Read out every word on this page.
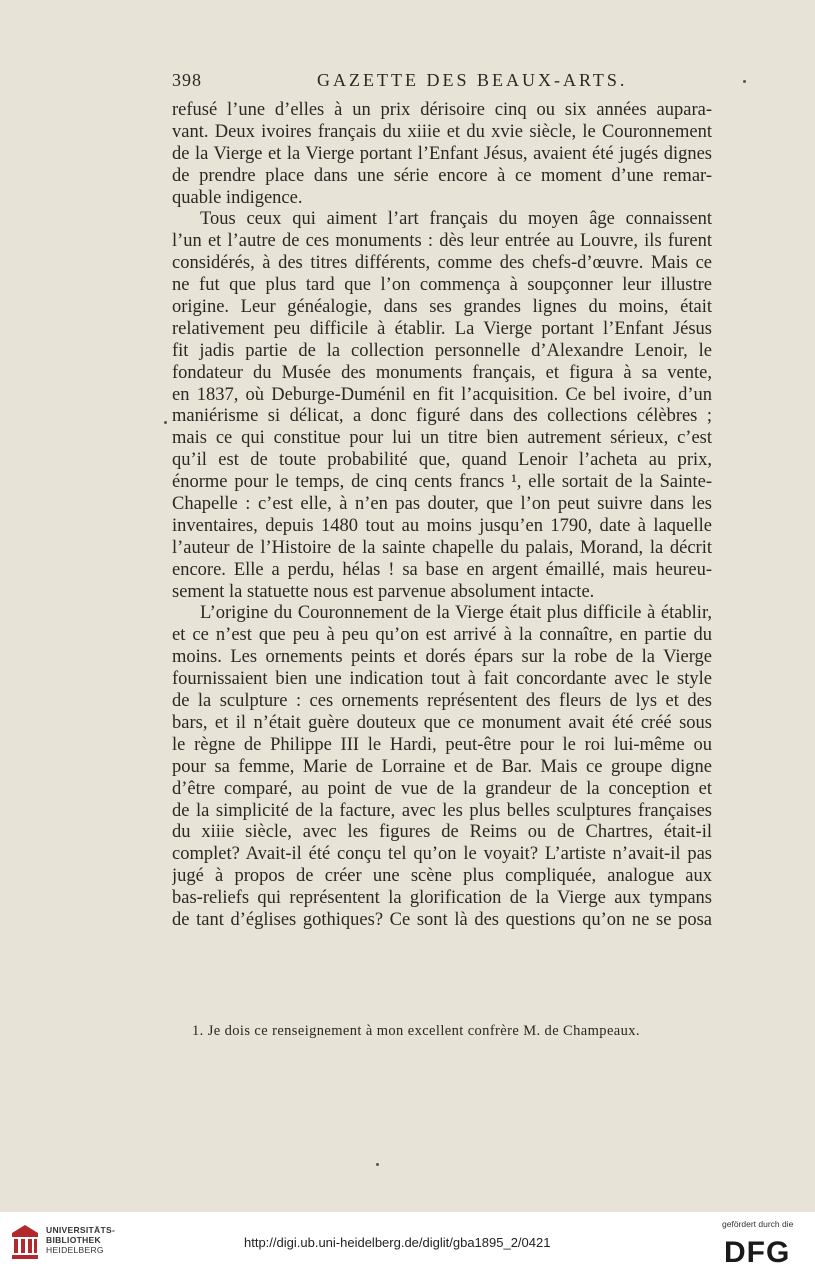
398	GAZETTE DES BEAUX-ARTS.
refusé l’une d’elles à un prix dérisoire cinq ou six années aupara-
vant. Deux ivoires français du xiiie et du xvie siècle, le Couronnement
de la Vierge et la Vierge portant l’Enfant Jésus, avaient été jugés dignes
de prendre place dans une série encore à ce moment d’une remar-
quable indigence.
Tous ceux qui aiment l’art français du moyen âge connaissent
l’un et l’autre de ces monuments : dès leur entrée au Louvre, ils furent
considérés, à des titres différents, comme des chefs-d’œuvre. Mais ce
ne fut que plus tard que l’on commença à soupçonner leur illustre
origine. Leur généalogie, dans ses grandes lignes du moins, était
relativement peu difficile à établir. La Vierge portant l’Enfant Jésus
fit jadis partie de la collection personnelle d’Alexandre Lenoir, le
fondateur du Musée des monuments français, et figura à sa vente,
en 1837, où Deburge-Duménil en fit l’acquisition. Ce bel ivoire, d’un
maniérisme si délicat, a donc figuré dans des collections célèbres ;
mais ce qui constitue pour lui un titre bien autrement sérieux, c’est
qu’il est de toute probabilité que, quand Lenoir l’acheta au prix,
énorme pour le temps, de cinq cents francs ¹, elle sortait de la Sainte-
Chapelle : c’est elle, à n’en pas douter, que l’on peut suivre dans les
inventaires, depuis 1480 tout au moins jusqu’en 1790, date à laquelle
l’auteur de l’Histoire de la sainte chapelle du palais, Morand, la décrit
encore. Elle a perdu, hélas ! sa base en argent émaillé, mais heureu-
sement la statuette nous est parvenue absolument intacte.
L’origine du Couronnement de la Vierge était plus difficile à établir,
et ce n’est que peu à peu qu’on est arrivé à la connaître, en partie du
moins. Les ornements peints et dorés épars sur la robe de la Vierge
fournissaient bien une indication tout à fait concordante avec le style
de la sculpture : ces ornements représentent des fleurs de lys et des
bars, et il n’était guère douteux que ce monument avait été créé sous
le règne de Philippe III le Hardi, peut-être pour le roi lui-même ou
pour sa femme, Marie de Lorraine et de Bar. Mais ce groupe digne
d’être comparé, au point de vue de la grandeur de la conception et
de la simplicité de la facture, avec les plus belles sculptures françaises
du xiiie siècle, avec les figures de Reims ou de Chartres, était-il
complet? Avait-il été conçu tel qu’on le voyait? L’artiste n’avait-il pas
jugé à propos de créer une scène plus compliquée, analogue aux
bas-reliefs qui représentent la glorification de la Vierge aux tympans
de tant d’églises gothiques? Ce sont là des questions qu’on ne se posa
1. Je dois ce renseignement à mon excellent confrère M. de Champeaux.
UNIVERSITÄTS-
BIBLIOTHEK
HEIDELBERG	http://digi.ub.uni-heidelberg.de/diglit/gba1895_2/0421
gefördert durch die
DFG
